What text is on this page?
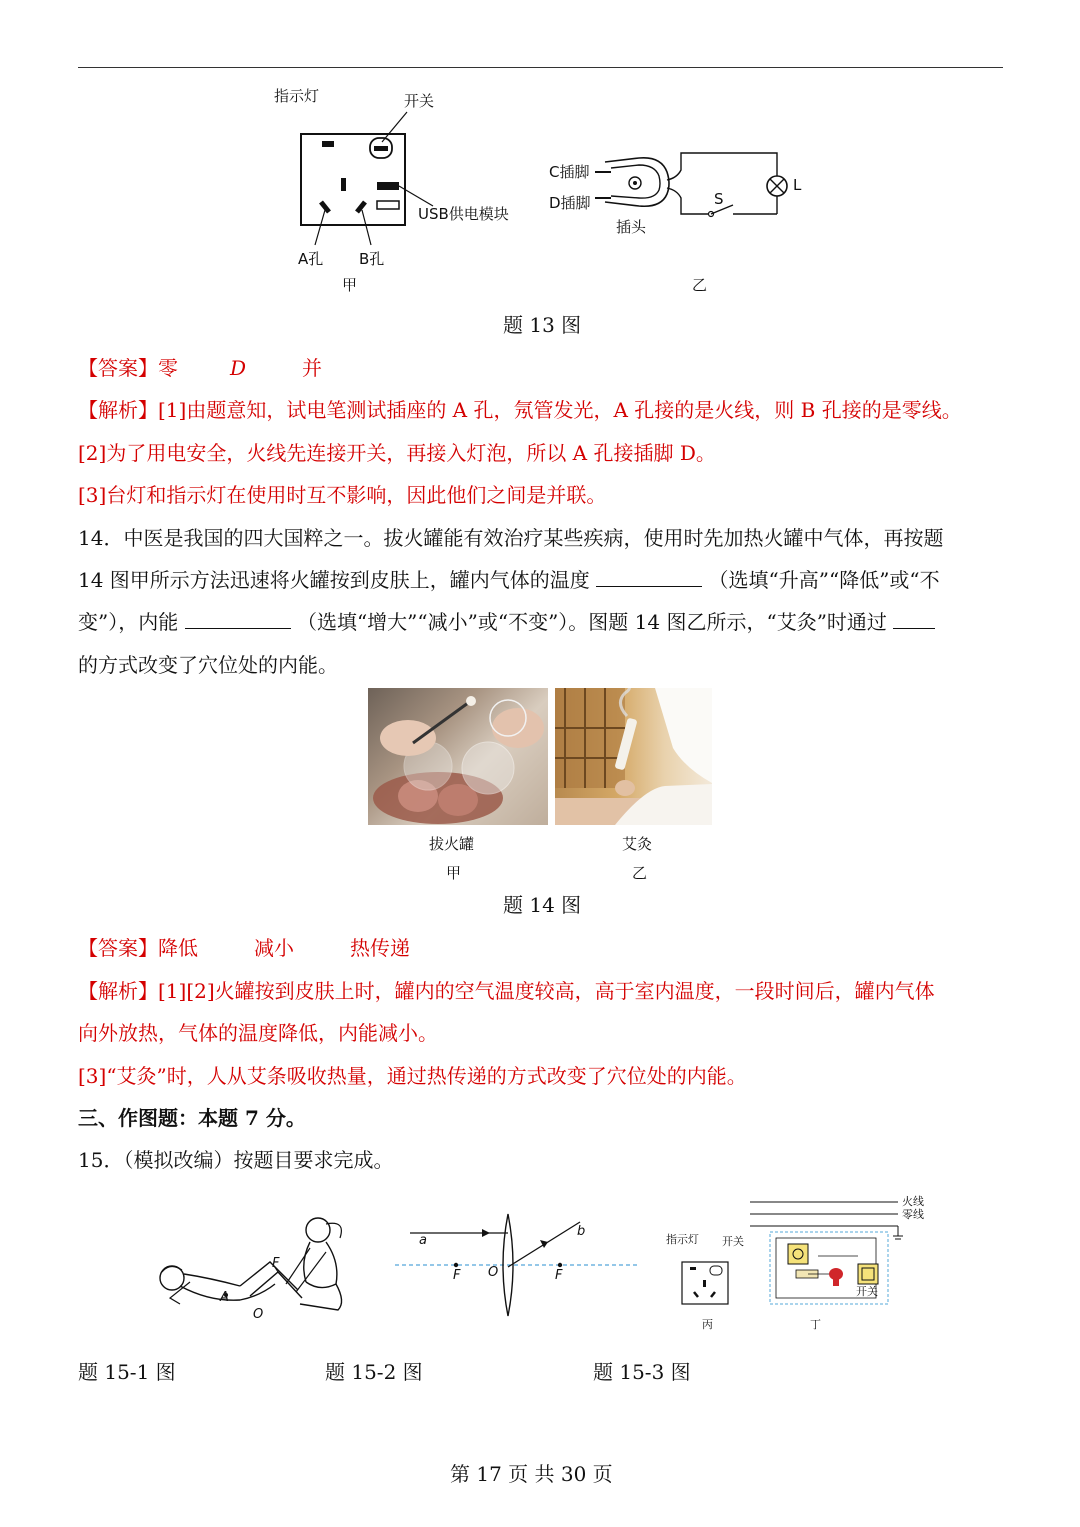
指示灯	开关
USB供电模块
A孔 B孔
甲
C插脚
D插脚
插头
S
L
乙
题 13 图
【答案】零	D	并
【解析】[1]由题意知，试电笔测试插座的 A 孔，氖管发光，A 孔接的是火线，则 B 孔接的是零线。
[2]为了用电安全，火线先连接开关，再接入灯泡，所以 A 孔接插脚 D。
[3]台灯和指示灯在使用时互不影响，因此他们之间是并联。
14．中医是我国的四大国粹之一。拔火罐能有效治疗某些疾病，使用时先加热火罐中气体，再按题
14 图甲所示方法迅速将火罐按到皮肤上，罐内气体的温度	（选填“升高”“降低”或“不
变”），内能	（选填“增大”“减小”或“不变”）。图题 14 图乙所示，“艾灸”时通过
的方式改变了穴位处的内能。
拔火罐
甲
艾灸
乙
题 14 图
【答案】降低	减小	热传递
【解析】[1][2]火罐按到皮肤上时，罐内的空气温度较高，高于室内温度，一段时间后，罐内气体
向外放热，气体的温度降低，内能减小。
[3]“艾灸”时，人从艾条吸收热量，通过热传递的方式改变了穴位处的内能。
三、作图题：本题 7 分。
15．（模拟改编）按题目要求完成。
F
A
O
a
b
F O	F
指示灯 开关
丙
火线
零线
开关
丁
题 15-1 图	题 15-2 图	题 15-3 图
第 17 页 共 30 页
